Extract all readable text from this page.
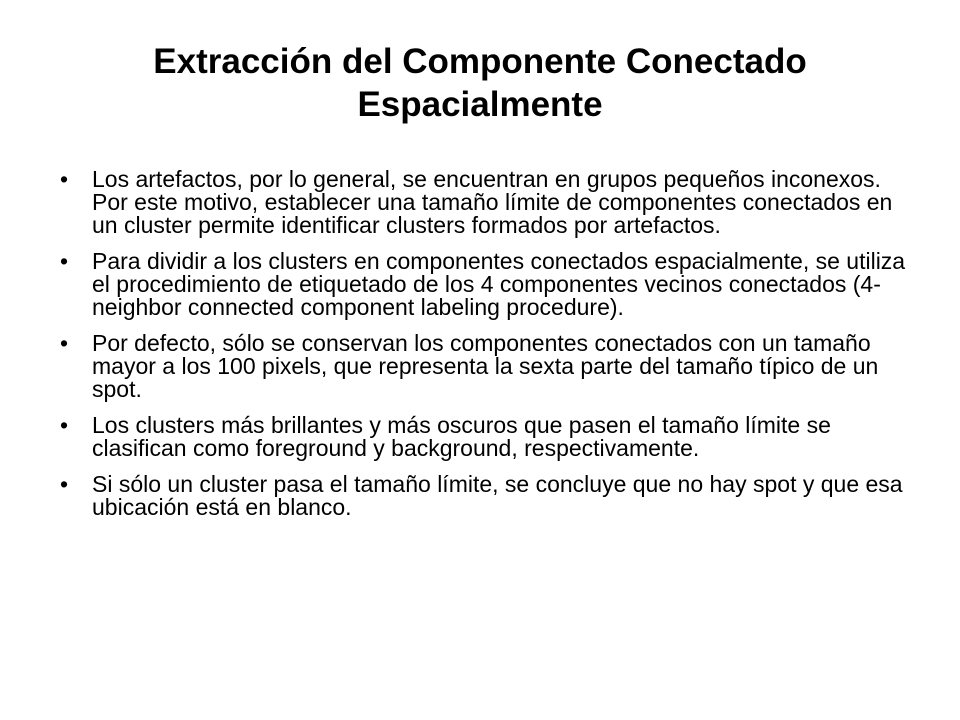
Extracción del Componente Conectado Espacialmente
• Los artefactos, por lo general, se encuentran en grupos pequeños inconexos. Por este motivo, establecer una tamaño límite de componentes conectados en un cluster permite identificar clusters formados por artefactos.
• Para dividir a los clusters en componentes conectados espacialmente, se utiliza el procedimiento de etiquetado de los 4 componentes vecinos conectados (4-neighbor connected component labeling procedure).
• Por defecto, sólo se conservan los componentes conectados con un tamaño mayor a los 100 pixels, que representa la sexta parte del tamaño típico de un spot.
• Los clusters más brillantes y más oscuros que pasen el tamaño límite se clasifican como foreground y background, respectivamente.
• Si sólo un cluster pasa el tamaño límite, se concluye que no hay spot y que esa ubicación está en blanco.
